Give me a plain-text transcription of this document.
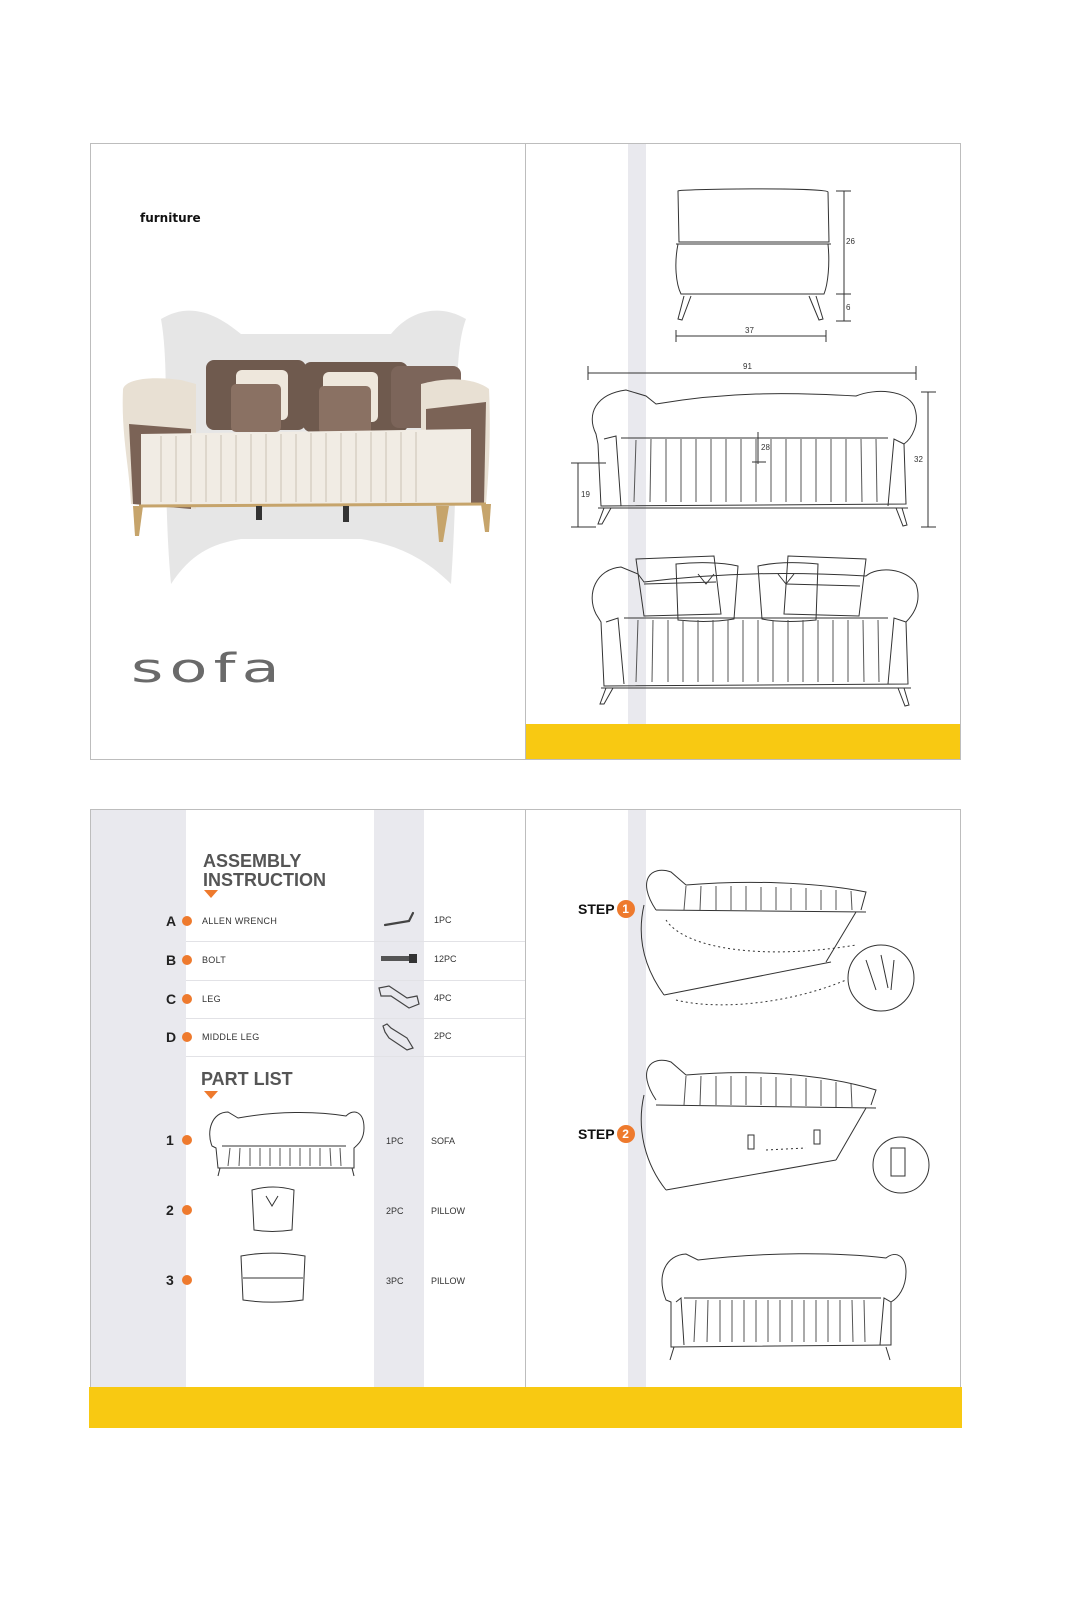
furniture
sofa
26
6
37
91
32
28
19
ASSEMBLY
INSTRUCTION
A	ALLEN WRENCH	1PC
B	BOLT	12PC
C	LEG	4PC
D	MIDDLE LEG	2PC
PART LIST
1	1PC	SOFA
2	2PC	PILLOW
3	3PC	PILLOW
STEP 1
STEP 2
